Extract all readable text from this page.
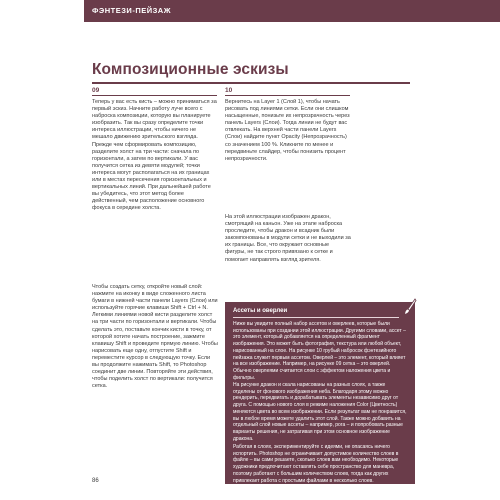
ФЭНТЕЗИ-ПЕЙЗАЖ
Композиционные эскизы
09

Теперь у вас есть кисть – можно приниматься за первый эскиз. Начните работу луче всего с наброска композиции, которую вы планируете изобразить. Так вы сразу определите точки интереса иллюстрации, чтобы ничего не мешало движению зрительского взгляда. Прежде чем сформировать композицию, разделите холст на три части: сначала по горизонтали, а затем по вертикали. У вас получится сетка из девяти модулей; точки интереса могут располагаться на их границах или в местах пересечения горизонтальных и вертикальных линий. При дальнейшей работе вы убедитесь, что этот метод более действенный, чем расположение основного фокуса в середине холста.

Чтобы создать сетку, откройте новый слой: нажмите на иконку в виде сложенного листа бумаги в нижней части панели Layers (Слои) или используйте горячие клавиши Shift + Ctrl + N. Легкими линиями новой кисти разделите холст на три части по горизонтали и вертикали. Чтобы сделать это, поставьте кончик кисти в точку, от которой хотите начать построение, зажмите клавишу Shift и проведите прямую линию. Чтобы нарисовать еще одну, отпустите Shift и переместите курсор в следующую точку. Если вы продолжите нажимать Shift, то Photoshop соединит две линии. Повторяйте эти действия, чтобы поделить холст по вертикали: получится сетка.

10

Вернитесь на Layer 1 (Слой 1), чтобы начать рисовать под линиями сетки. Если они слишком насыщенные, понизьте их непрозрачность через панель Layers (Слои). Тогда линии не будут вас отвлекать. На верхней части панели Layers (Слои) найдите пункт Opacity (Непрозрачность) со значением 100 %. Кликните по менее и передвиньте слайдер, чтобы понизить процент непрозрачности.

На этой иллюстрации изображен дракон, смотрящий на каньон. Уже на этапе наброска проследите, чтобы дракон и всадник были закомпонованы в модули сетки и не выходили за их границы. Все, что окружает основные фигуры, не так строго привязано к сетке и помогает направлять взгляд зрителя.

Ассеты и оверлеи

Ниже вы увидите полный набор ассетов и оверлеев, которые были использованы при создании этой иллюстрации. Другими словами, ассет – это элемент, который добавляется на определенный фрагмент изображения. Это может быть фотография, текстура или любой объект, нарисованный на слое. На рисунке 10 грубый набросок фэнтезийного пейзажа служит первым ассетом. Оверлей – это элемент, который влияет на все изображение. Например, на рисунке 09 сетка – это оверлей. Обычно оверлеями считается слои с эффектом наложения цвета и фильтры.

На рисунке дракон и скала нарисованы на разных слоях, а также отделены от фонового изображения неба. Благодаря этому можно рендерить, передвигать и дорабатывать элементы независимо друг от друга. С помощью нового слоя в режиме наложения Color (Цветность) меняются цвета во всем изображении. Если результат вам не понравится, вы в любое время можете удалить этот слой. Также можно добавить на отдельный слой новые ассеты – например, рога – и попробовать разные варианты решения, не затрагивая при этом основное изображение дракона.

Работая в слоях, экспериментируйте с идеями, не опасаясь ничего испортить. Photoshop не ограничивает допустимое количество слоев в файле – вы сами решаете, сколько слоев вам необходимо. Некоторые художники предпочитают оставлять себе пространство для маневра, поэтому работают с большим количеством слоев, тогда как других привлекает работа с простыми файлами в несколько слоев.

86
